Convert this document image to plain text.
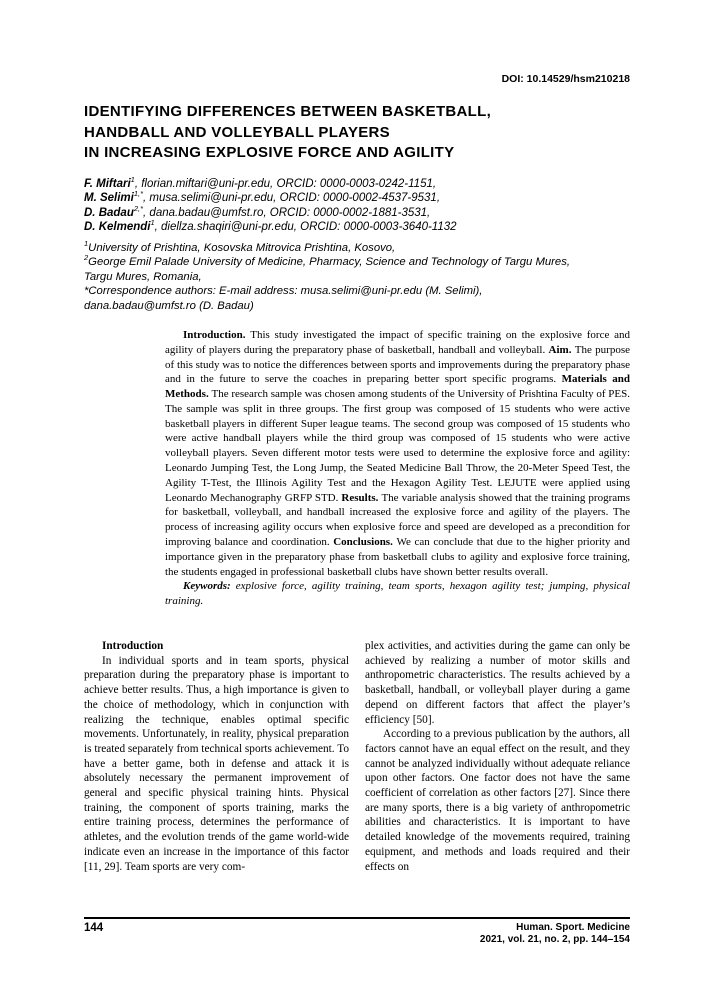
DOI: 10.14529/hsm210218
IDENTIFYING DIFFERENCES BETWEEN BASKETBALL,
HANDBALL AND VOLLEYBALL PLAYERS
IN INCREASING EXPLOSIVE FORCE AND AGILITY
F. Miftari$^1$, florian.miftari@uni-pr.edu, ORCID: 0000-0003-0242-1151,
M. Selimi$^{1,*}$, musa.selimi@uni-pr.edu, ORCID: 0000-0002-4537-9531,
D. Badau$^{2,*}$, dana.badau@umfst.ro, ORCID: 0000-0002-1881-3531,
D. Kelmendi$^1$, diellza.shaqiri@uni-pr.edu, ORCID: 0000-0003-3640-1132
$^1$University of Prishtina, Kosovska Mitrovica Prishtina, Kosovo,
$^2$George Emil Palade University of Medicine, Pharmacy, Science and Technology of Targu Mures,
Targu Mures, Romania,
*Correspondence authors: E-mail address: musa.selimi@uni-pr.edu (M. Selimi),
dana.badau@umfst.ro (D. Badau)

Introduction. This study investigated the impact of specific training on the explosive force and agility of players during the preparatory phase of basketball, handball and volleyball. Aim. The purpose of this study was to notice the differences between sports and improvements during the preparatory phase and in the future to serve the coaches in preparing better sport specific programs. Materials and Methods. The research sample was chosen among students of the University of Prishtina Faculty of PES. The sample was split in three groups. The first group was composed of 15 students who were active basketball players in different Super league teams. The second group was composed of 15 students who were active handball players while the third group was composed of 15 students who were active volleyball players. Seven different motor tests were used to determine the explosive force and agility: Leonardo Jumping Test, the Long Jump, the Seated Medicine Ball Throw, the 20-Meter Speed Test, the Agility T-Test, the Illinois Agility Test and the Hexagon Agility Test. LEJUTE were applied using Leonardo Mechanography GRFP STD. Results. The variable analysis showed that the training programs for basketball, volleyball, and handball increased the explosive force and agility of the players. The process of increasing agility occurs when explosive force and speed are developed as a precondition for improving balance and coordination. Conclusions. We can conclude that due to the higher priority and importance given in the preparatory phase from basketball clubs to agility and explosive force training, the students engaged in professional basketball clubs have shown better results overall.

Keywords: explosive force, agility training, team sports, hexagon agility test; jumping, physical training.

Introduction

In individual sports and in team sports, physical preparation during the preparatory phase is important to achieve better results. Thus, a high importance is given to the choice of methodology, which in conjunction with realizing the technique, enables optimal specific movements. Unfortunately, in reality, physical preparation is treated separately from technical sports achievement. To have a better game, both in defense and attack it is absolutely necessary the permanent improvement of general and specific physical training hints. Physical training, the component of sports training, marks the entire training process, determines the performance of athletes, and the evolution trends of the game world-wide indicate even an increase in the importance of this factor [11, 29]. Team sports are very com-

plex activities, and activities during the game can only be achieved by realizing a number of motor skills and anthropometric characteristics. The results achieved by a basketball, handball, or volleyball player during a game depend on different factors that affect the player’s efficiency [50].

According to a previous publication by the authors, all factors cannot have an equal effect on the result, and they cannot be analyzed individually without adequate reliance upon other factors. One factor does not have the same coefficient of correlation as other factors [27]. Since there are many sports, there is a big variety of anthropometric abilities and characteristics. It is important to have detailed knowledge of the movements required, training equipment, and methods and loads required and their effects on

144	Human. Sport. Medicine
2021, vol. 21, no. 2, pp. 144–154
